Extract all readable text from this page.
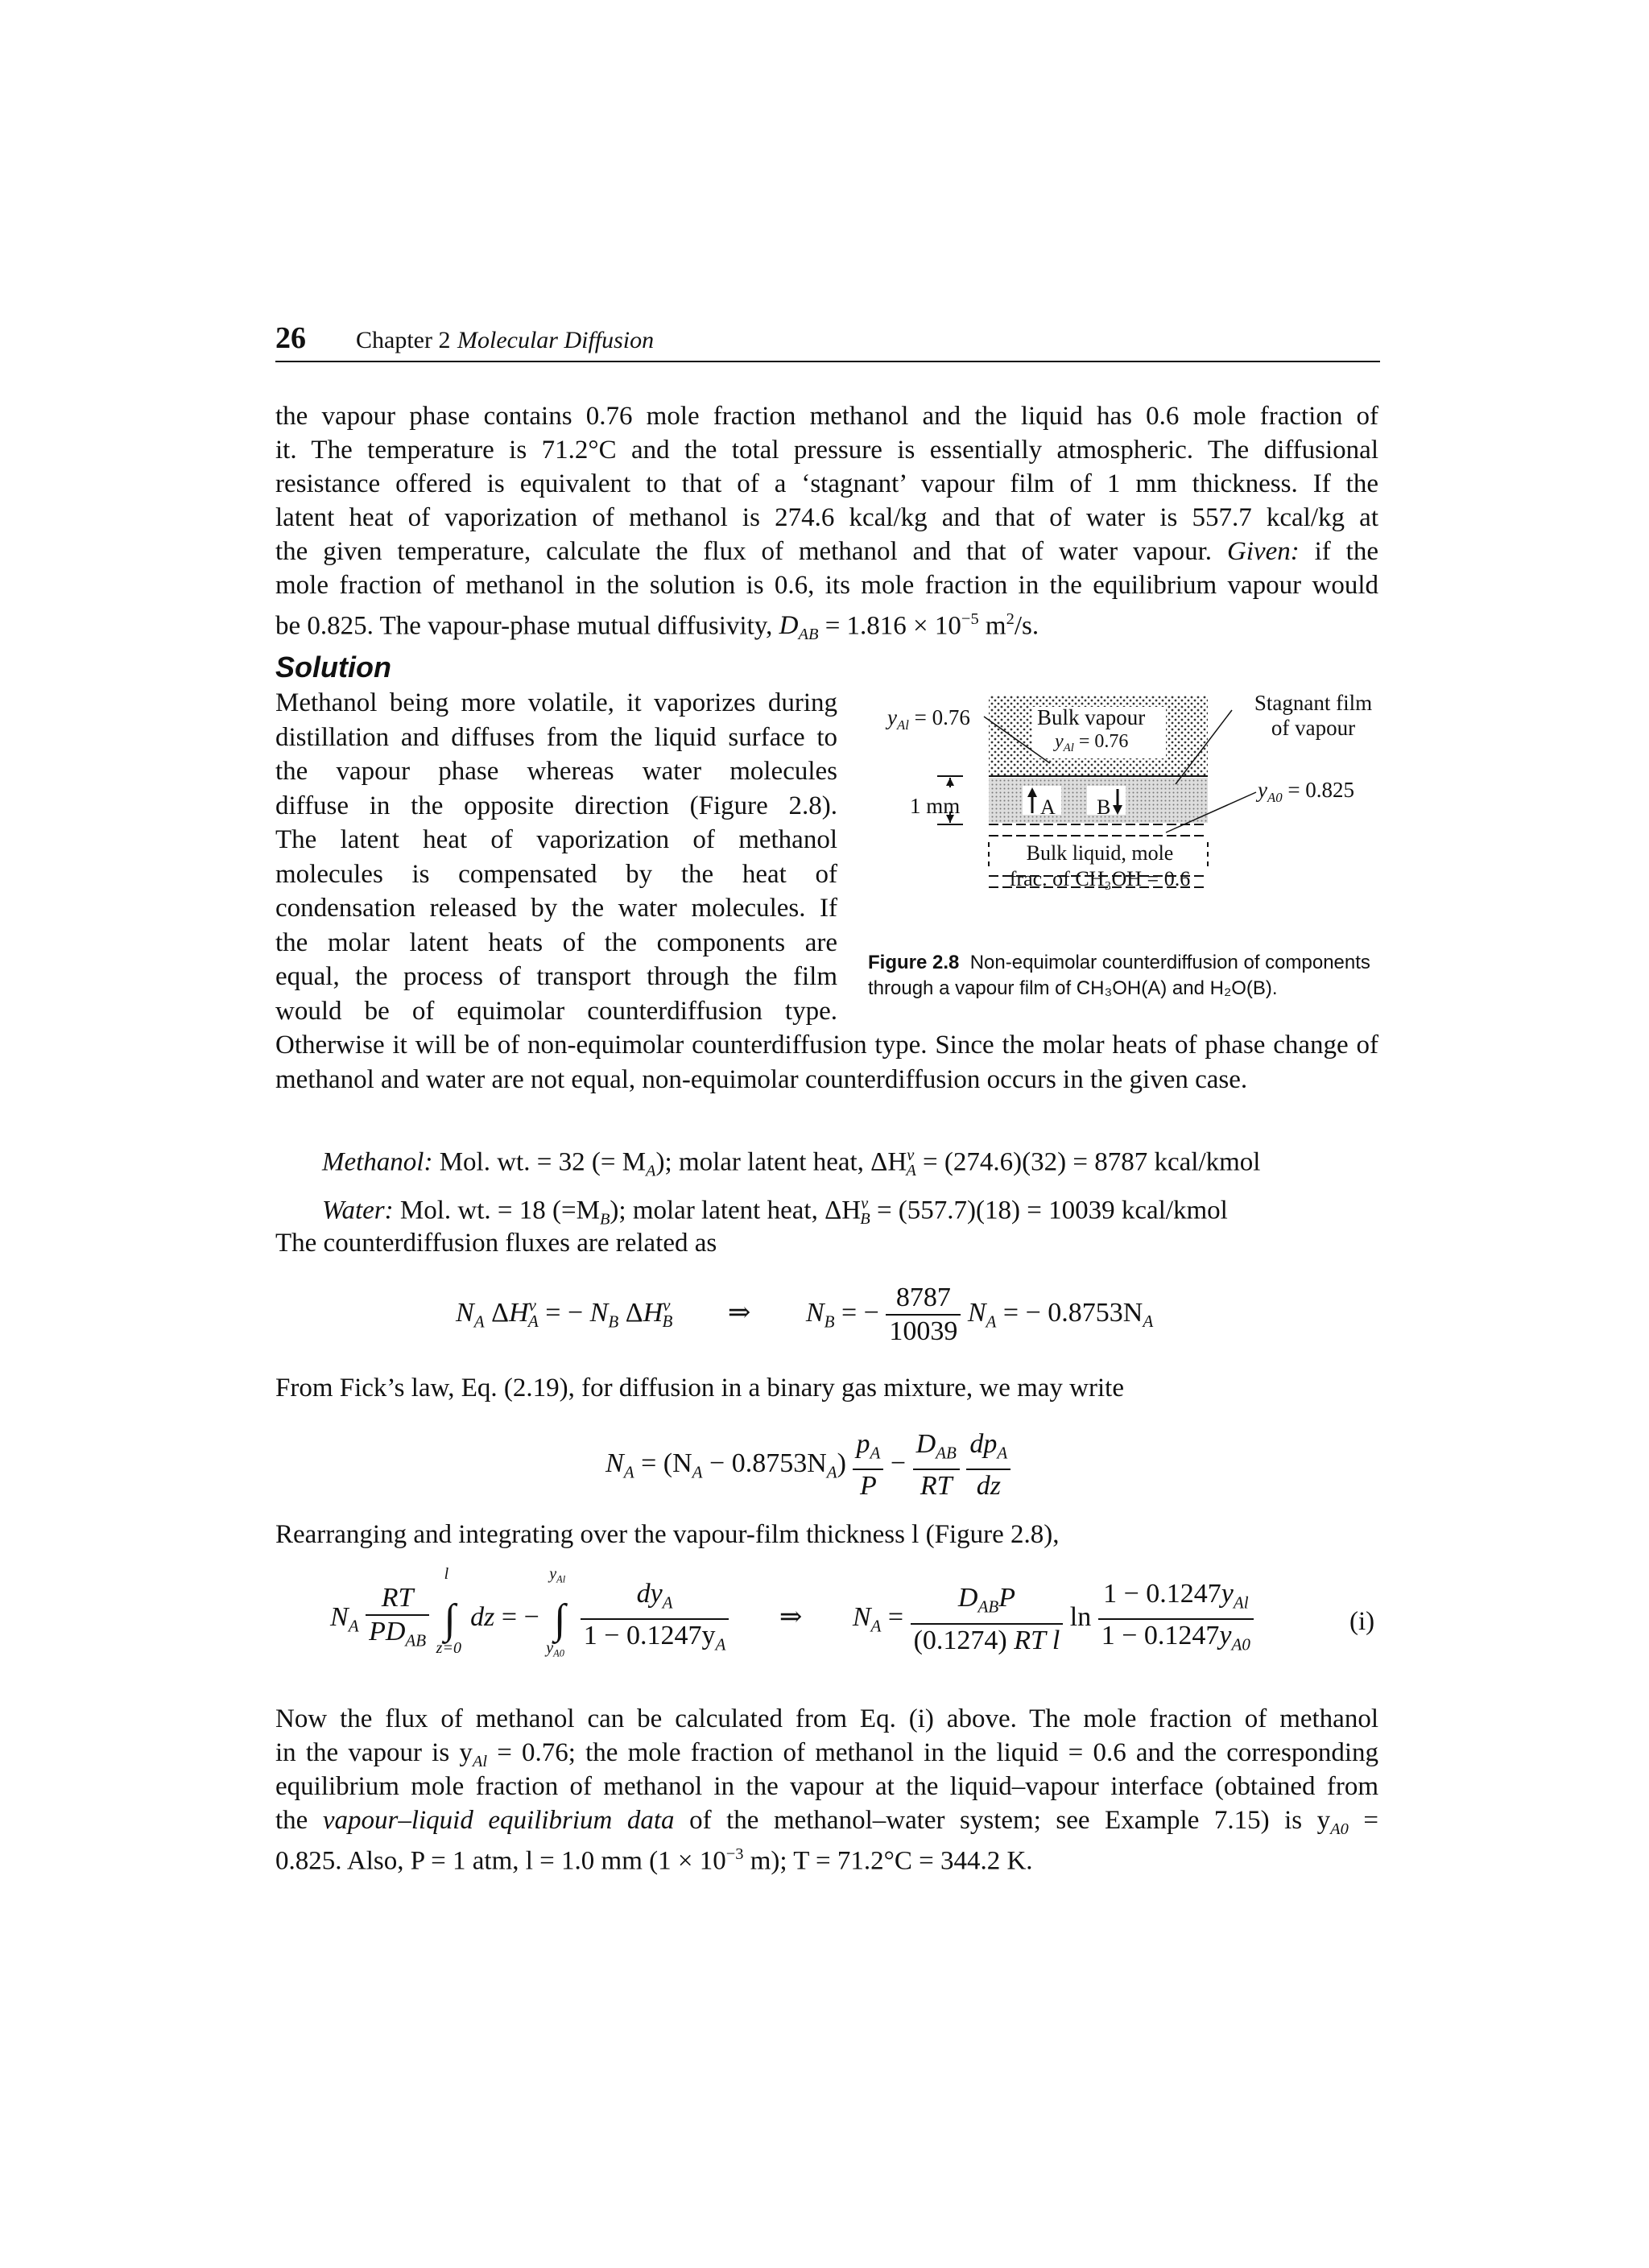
26 Chapter 2 Molecular Diffusion
the vapour phase contains 0.76 mole fraction methanol and the liquid has 0.6 mole fraction of
it. The temperature is 71.2°C and the total pressure is essentially atmospheric. The diffusional
resistance offered is equivalent to that of a ‘stagnant’ vapour film of 1 mm thickness. If the
latent heat of vaporization of methanol is 274.6 kcal/kg and that of water is 557.7 kcal/kg at
the given temperature, calculate the flux of methanol and that of water vapour. Given: if the
mole fraction of methanol in the solution is 0.6, its mole fraction in the equilibrium vapour would
be 0.825. The vapour-phase mutual diffusivity, $D_{AB} = 1.816 \times 10^{-5}$ $m^2/s$.
Solution
Methanol being more volatile, it vaporizes during
distillation and diffuses from the liquid surface to
the vapour phase whereas water molecules
diffuse in the opposite direction (Figure 2.8).
The latent heat of vaporization of methanol
molecules is compensated by the heat of
condensation released by the water molecules. If
the molar latent heats of the components are
equal, the process of transport through the film
would be of equimolar counterdiffusion type.
$y_{Al} = 0.76$	Bulk vapour
$y_{Al} = 0.76$
Stagnant film
of vapour
$y_{A0} = 0.825$
1 mm	A B
Bulk liquid, mole
frac. of CH₃OH = 0.6
Figure 2.8 Non-equimolar counterdiffusion of components
through a vapour film of CH₃OH(A) and H₂O(B).
Otherwise it will be of non-equimolar counterdiffusion type. Since the molar heats of phase change of methanol and water are not equal, non-equimolar counterdiffusion occurs in the given case.
Methanol: Mol. wt. = 32 (= $M_A$); molar latent heat, $\Delta H^v_A = (274.6)(32) = 8787$ kcal/kmol
Water: Mol. wt. = 18 $(=M_B)$; molar latent heat, $\Delta H^v_B = (557.7)(18) = 10039$ kcal/kmol
The counterdiffusion fluxes are related as
$N_A$ $\Delta H^v_A$ = − $N_B$ $\Delta H^v_B$ ⇒ $N_B$ = − $\frac{8787}{10039} N_A$ = − $0.8753N_A$
From Fick’s law, Eq. (2.19), for diffusion in a binary gas mixture, we may write
$N_A = (N_A - 0.8753N_A) \frac{p_A}{P} - \frac{D_{AB}}{RT}$
$\frac{dp_A}{dz}$
Rearranging and integrating over the vapour-film thickness l (Figure 2.8),
$N_A \frac{RT}{PD_{AB}}$

l
∫
z=0
dz = −
$y_{Al}$
∫
$y_{A0}$
$\frac{dy_A}{1 - 0.1247y_A}$ ⇒ $N_A = \frac{D_{AB}P}{\text{(0.1274) RT l}}$ $\ln \frac{1 - 0.1247y_{Al}}{1 - 0.1247y_{A0}}$	(i)
Now the flux of methanol can be calculated from Eq. (i) above. The mole fraction of methanol
in the vapour is $y_{Al} = 0.76$; the mole fraction of methanol in the liquid = 0.6 and the corresponding
equilibrium mole fraction of methanol in the vapour at the liquid–vapour interface (obtained from
the vapour–liquid equilibrium data of the methanol–water system; see Example 7.15) is $y_{A0}$ =
0.825. Also, P = 1 atm, l = 1.0 mm ($1 \times 10^{-3}$ m); T = 71.2°C = 344.2 K.
